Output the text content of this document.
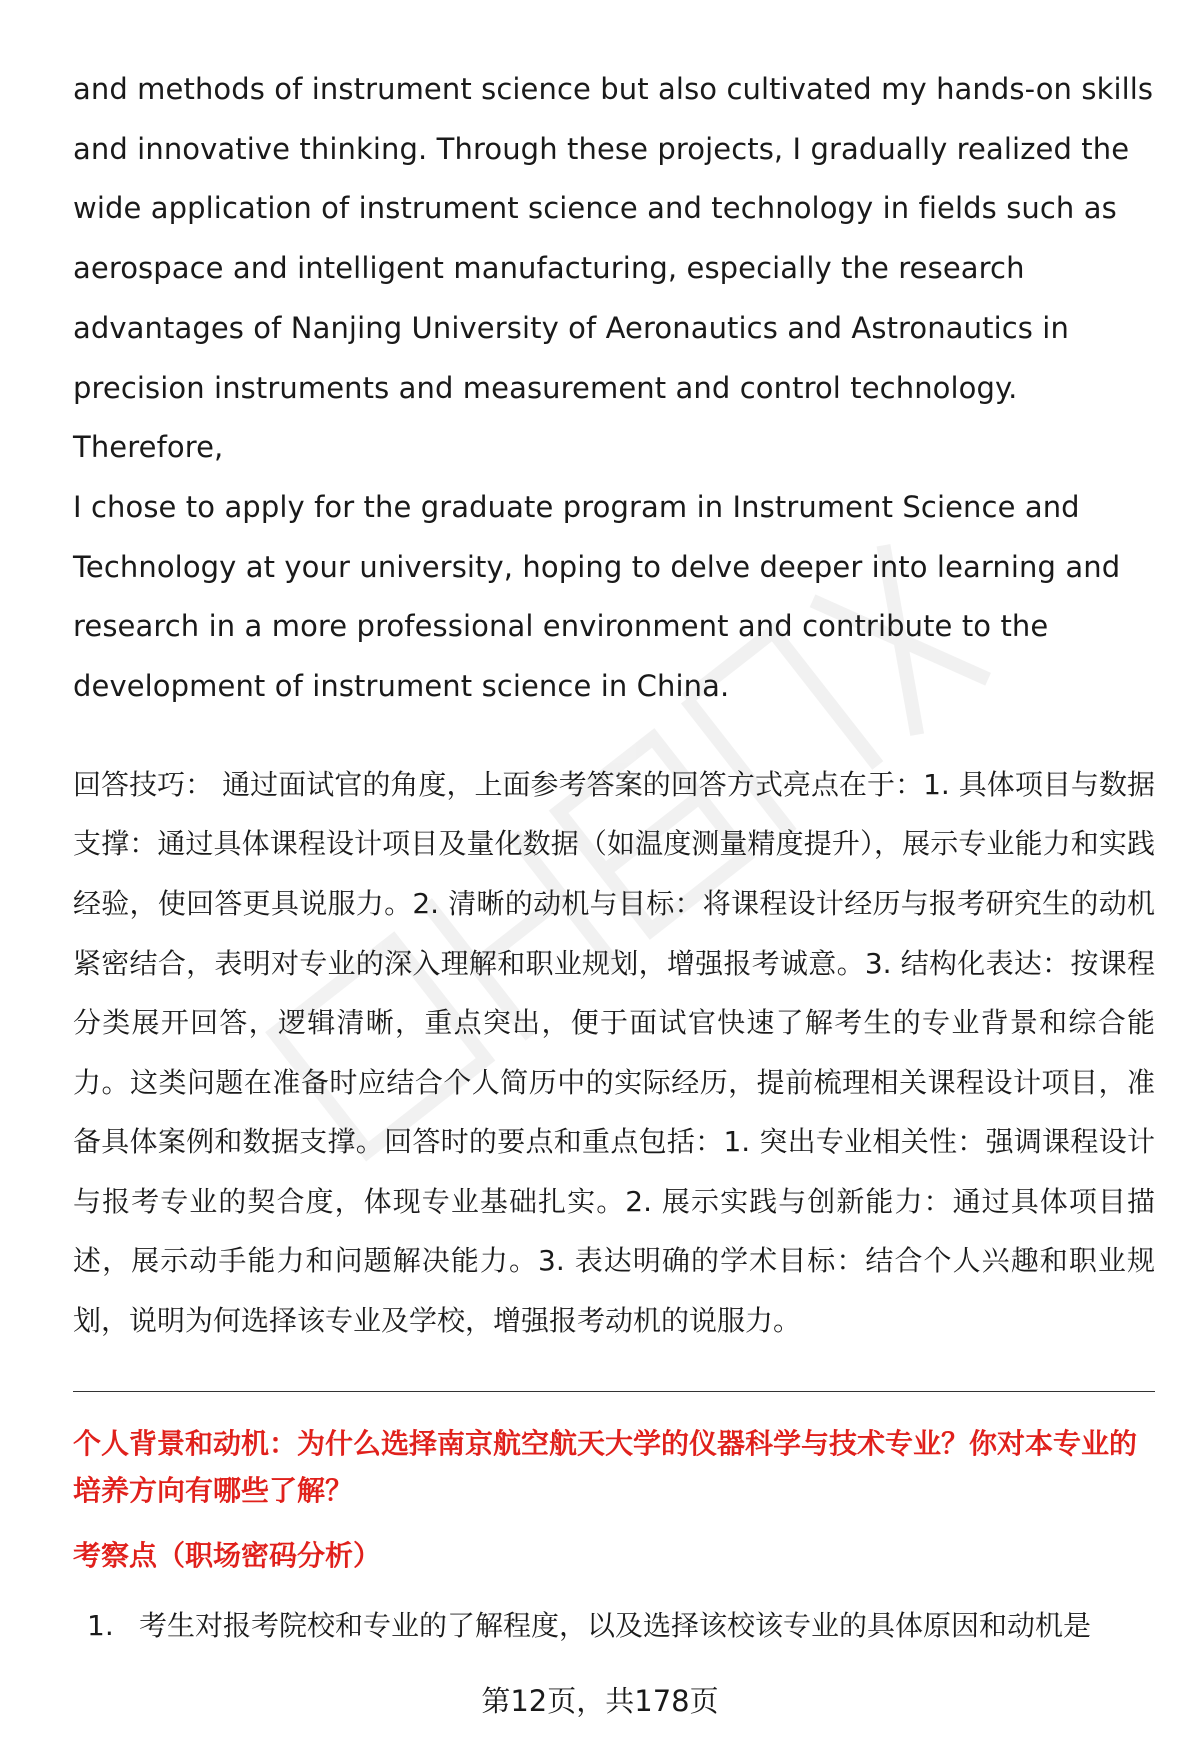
and methods of instrument science but also cultivated my hands-on skills
and innovative thinking. Through these projects, I gradually realized the
wide application of instrument science and technology in fields such as
aerospace and intelligent manufacturing, especially the research
advantages of Nanjing University of Aeronautics and Astronautics in
precision instruments and measurement and control technology. Therefore,
I chose to apply for the graduate program in Instrument Science and
Technology at your university, hoping to delve deeper into learning and
research in a more professional environment and contribute to the
development of instrument science in China.

回答技巧： 通过面试官的角度，上面参考答案的回答方式亮点在于：1. 具体项目与数据支撑：通过具体课程设计项目及量化数据（如温度测量精度提升），展示专业能力和实践经验，使回答更具说服力。2. 清晰的动机与目标：将课程设计经历与报考研究生的动机紧密结合，表明对专业的深入理解和职业规划，增强报考诚意。3. 结构化表达：按课程分类展开回答，逻辑清晰，重点突出，便于面试官快速了解考生的专业背景和综合能力。这类问题在准备时应结合个人简历中的实际经历，提前梳理相关课程设计项目，准备具体案例和数据支撑。回答时的要点和重点包括：1. 突出专业相关性：强调课程设计与报考专业的契合度，体现专业基础扎实。2. 展示实践与创新能力：通过具体项目描述，展示动手能力和问题解决能力。3. 表达明确的学术目标：结合个人兴趣和职业规划，说明为何选择该专业及学校，增强报考动机的说服力。

个人背景和动机：为什么选择南京航空航天大学的仪器科学与技术专业？你对本专业的培养方向有哪些了解？
考察点（职场密码分析）
1. 考生对报考院校和专业的了解程度，以及选择该校该专业的具体原因和动机是
第12页，共178页
